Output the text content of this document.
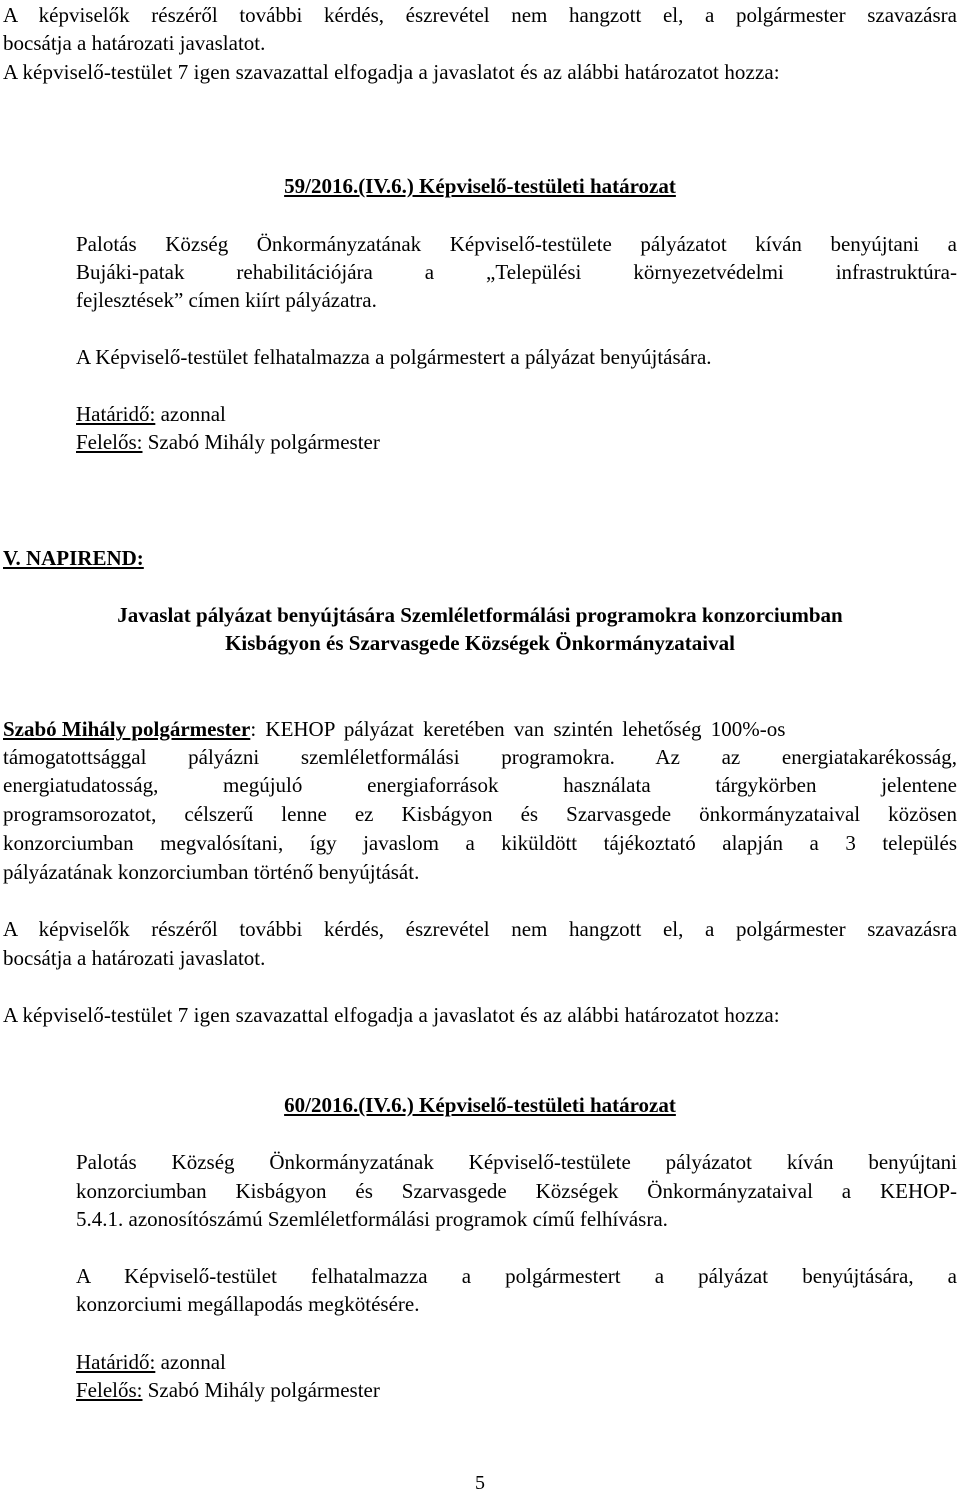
A képviselők részéről további kérdés, észrevétel nem hangzott el, a polgármester szavazásra
bocsátja a határozati javaslatot.
A képviselő-testület 7 igen szavazattal elfogadja a javaslatot és az alábbi határozatot hozza:
59/2016.(IV.6.) Képviselő-testületi határozat
Palotás Község Önkormányzatának Képviselő-testülete pályázatot kíván benyújtani a
Bujáki-patak rehabilitációjára a „Települési környezetvédelmi infrastruktúra-
fejlesztések” címen kiírt pályázatra.
A Képviselő-testület felhatalmazza a polgármestert a pályázat benyújtására.
Határidő: azonnal
Felelős: Szabó Mihály polgármester
V. NAPIREND:
Javaslat pályázat benyújtására Szemléletformálási programokra konzorciumban
Kisbágyon és Szarvasgede Községek Önkormányzataival
Szabó Mihály polgármester: KEHOP pályázat keretében van szintén lehetőség 100%-os
támogatottsággal pályázni szemléletformálási programokra. Az az energiatakarékosság,
energiatudatosság, megújuló energiaforrások használata tárgykörben jelentene
programsorozatot, célszerű lenne ez Kisbágyon és Szarvasgede önkormányzataival közösen
konzorciumban megvalósítani, így javaslom a kiküldött tájékoztató alapján a 3 település
pályázatának konzorciumban történő benyújtását.
A képviselők részéről további kérdés, észrevétel nem hangzott el, a polgármester szavazásra
bocsátja a határozati javaslatot.
A képviselő-testület 7 igen szavazattal elfogadja a javaslatot és az alábbi határozatot hozza:
60/2016.(IV.6.) Képviselő-testületi határozat
Palotás Község Önkormányzatának Képviselő-testülete pályázatot kíván benyújtani
konzorciumban Kisbágyon és Szarvasgede Községek Önkormányzataival a KEHOP-
5.4.1. azonosítószámú Szemléletformálási programok című felhívásra.
A Képviselő-testület felhatalmazza a polgármestert a pályázat benyújtására, a
konzorciumi megállapodás megkötésére.
Határidő: azonnal
Felelős: Szabó Mihály polgármester
5
